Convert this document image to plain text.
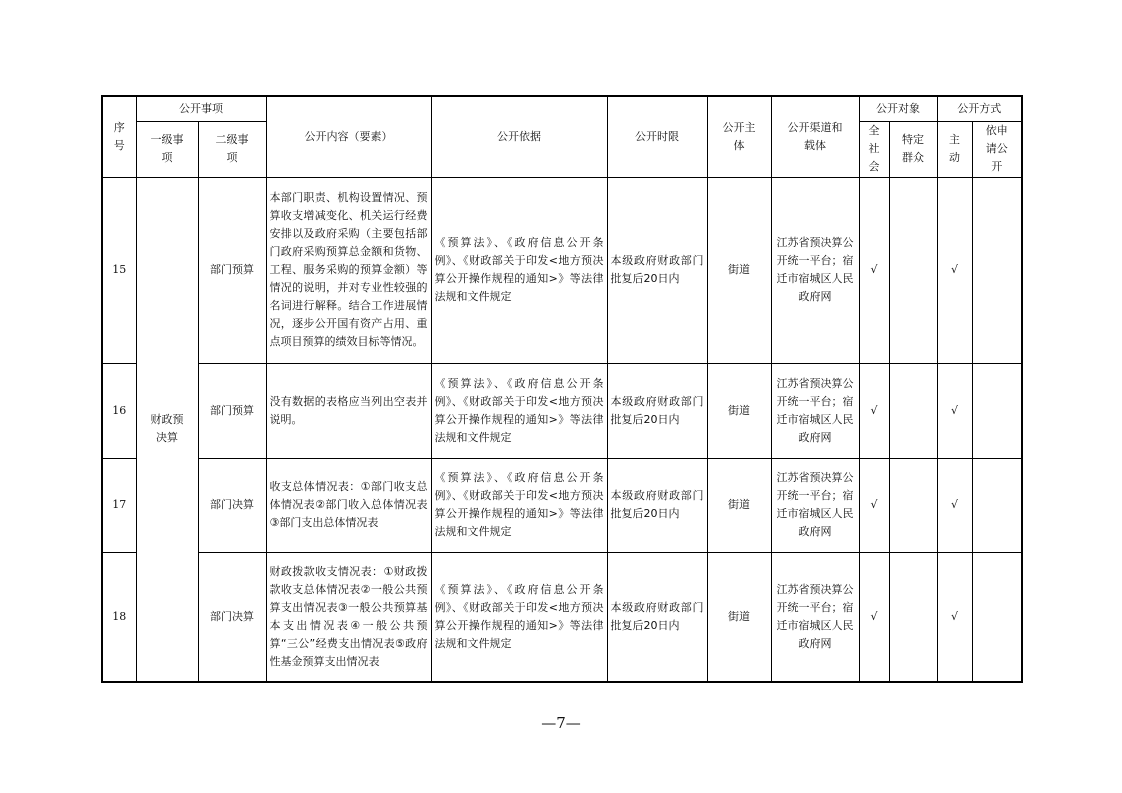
序号	公开事项		公开内容（要素）	公开依据	公开时限	公开主体	公开渠道和载体	公开对象		公开方式	
	一级事项	二级事项						全社会	特定群众	主动	依申请公开
15	财政预决算	部门预算	本部门职责、机构设置情况、预算收支增减变化、机关运行经费安排以及政府采购（主要包括部门政府采购预算总金额和货物、工程、服务采购的预算金额）等情况的说明，并对专业性较强的名词进行解释。结合工作进展情况，逐步公开国有资产占用、重点项目预算的绩效目标等情况。	《预算法》、《政府信息公开条例》、《财政部关于印发<地方预决算公开操作规程的通知>》等法律法规和文件规定	本级政府财政部门批复后20日内	街道	江苏省预决算公开统一平台；宿迁市宿城区人民政府网	√		√	
16		部门预算	没有数据的表格应当列出空表并说明。	《预算法》、《政府信息公开条例》、《财政部关于印发<地方预决算公开操作规程的通知>》等法律法规和文件规定	本级政府财政部门批复后20日内	街道	江苏省预决算公开统一平台；宿迁市宿城区人民政府网	√		√	
17		部门决算	收支总体情况表：①部门收支总体情况表②部门收入总体情况表③部门支出总体情况表	《预算法》、《政府信息公开条例》、《财政部关于印发<地方预决算公开操作规程的通知>》等法律法规和文件规定	本级政府财政部门批复后20日内	街道	江苏省预决算公开统一平台；宿迁市宿城区人民政府网	√		√	
18		部门决算	财政拨款收支情况表：①财政拨款收支总体情况表②一般公共预算支出情况表③一般公共预算基本支出情况表④一般公共预算“三公”经费支出情况表⑤政府性基金预算支出情况表	《预算法》、《政府信息公开条例》、《财政部关于印发<地方预决算公开操作规程的通知>》等法律法规和文件规定	本级政府财政部门批复后20日内	街道	江苏省预决算公开统一平台；宿迁市宿城区人民政府网	√		√	
—7—
